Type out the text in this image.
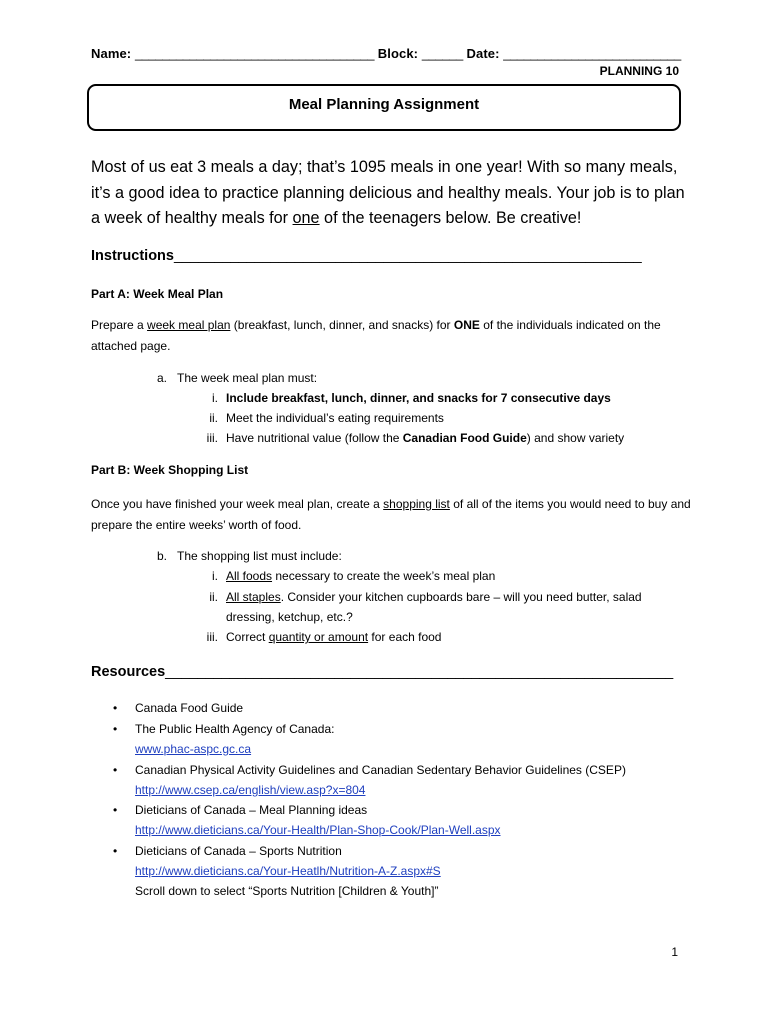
Name: ___________________________________ Block: ______ Date: __________________________
PLANNING 10
Meal Planning Assignment
Most of us eat 3 meals a day; that’s 1095 meals in one year! With so many meals, it’s a good idea to practice planning delicious and healthy meals. Your job is to plan a week of healthy meals for one of the teenagers below. Be creative!
Instructions__________________________________________________________
Part A: Week Meal Plan
Prepare a week meal plan (breakfast, lunch, dinner, and snacks) for ONE of the individuals indicated on the attached page.
a. The week meal plan must:
i. Include breakfast, lunch, dinner, and snacks for 7 consecutive days
ii. Meet the individual’s eating requirements
iii. Have nutritional value (follow the Canadian Food Guide) and show variety
Part B: Week Shopping List
Once you have finished your week meal plan, create a shopping list of all of the items you would need to buy and prepare the entire weeks’ worth of food.
b. The shopping list must include:
i. All foods necessary to create the week’s meal plan
ii. All staples. Consider your kitchen cupboards bare – will you need butter, salad
dressing, ketchup, etc.?
iii. Correct quantity or amount for each food
Resources_______________________________________________________________
• Canada Food Guide
• The Public Health Agency of Canada:
www.phac-aspc.gc.ca
• Canadian Physical Activity Guidelines and Canadian Sedentary Behavior Guidelines (CSEP)
http://www.csep.ca/english/view.asp?x=804
• Dieticians of Canada – Meal Planning ideas
http://www.dieticians.ca/Your-Health/Plan-Shop-Cook/Plan-Well.aspx
• Dieticians of Canada – Sports Nutrition
http://www.dieticians.ca/Your-Heatlh/Nutrition-A-Z.aspx#S
Scroll down to select “Sports Nutrition [Children & Youth]”
1
